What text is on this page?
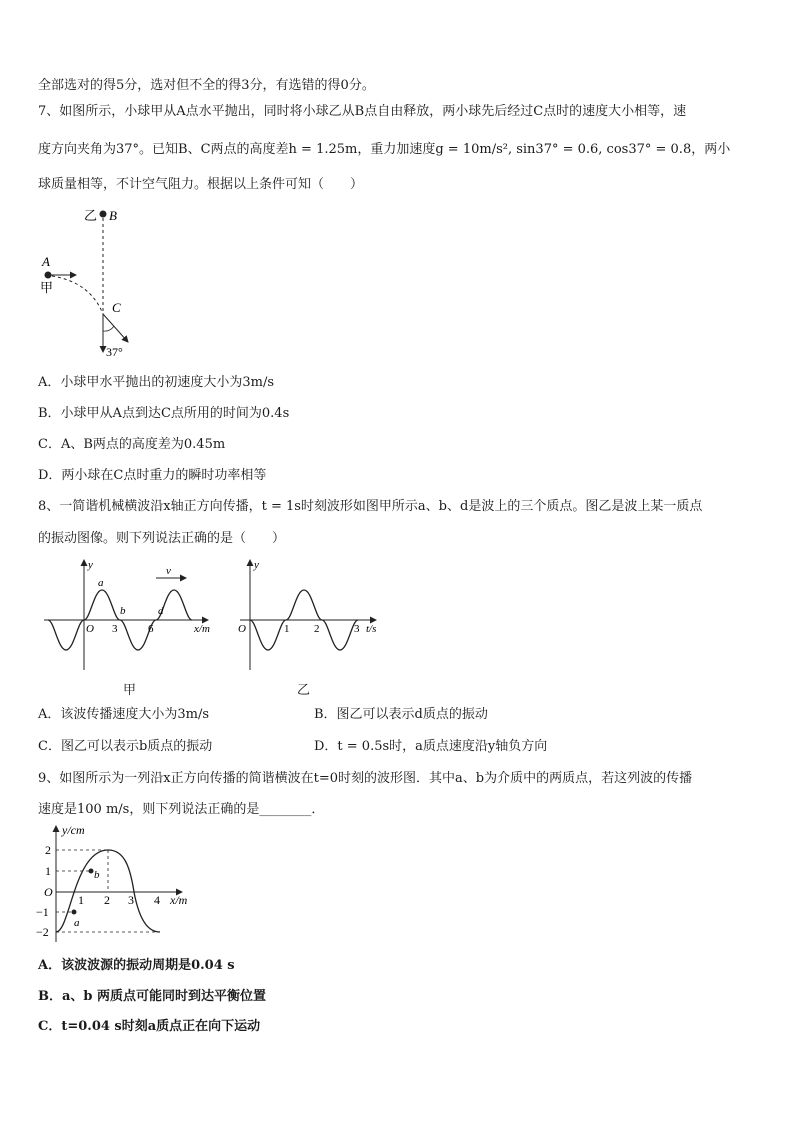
全部选对的得5分，选对但不全的得3分，有选错的得0分。
7、如图所示，小球甲从A点水平抛出，同时将小球乙从B点自由释放，两小球先后经过C点时的速度大小相等，速
度方向夹角为37°。已知B、C两点的高度差h = 1.25m，重力加速度g = 10m/s², sin37° = 0.6, cos37° = 0.8，两小
球质量相等，不计空气阻力。根据以上条件可知（　　）
乙 B
A
甲
C
37°
A．小球甲水平抛出的初速度大小为3m/s
B．小球甲从A点到达C点所用的时间为0.4s
C．A、B两点的高度差为0.45m
D．两小球在C点时重力的瞬时功率相等
8、一简谐机械横波沿x轴正方向传播，t = 1s时刻波形如图甲所示a、b、d是波上的三个质点。图乙是波上某一质点
的振动图像。则下列说法正确的是（　　）
v
y
a
b	d
O 3	6	x/m
y
O	1 2	3 t/s
甲	乙
A．该波传播速度大小为3m/s	B．图乙可以表示d质点的振动
C．图乙可以表示b质点的振动	D．t = 0.5s时，a质点速度沿y轴负方向
9、如图所示为一列沿x正方向传播的简谐横波在t=0时刻的波形图．其中a、b为介质中的两质点，若这列波的传播
速度是100 m/s，则下列说法正确的是________．
y/cm
2
1
O
−1
−2
1 2 3 4 x/m
b
a
A．该波波源的振动周期是0.04 s
B．a、b 两质点可能同时到达平衡位置
C．t=0.04 s时刻a质点正在向下运动
